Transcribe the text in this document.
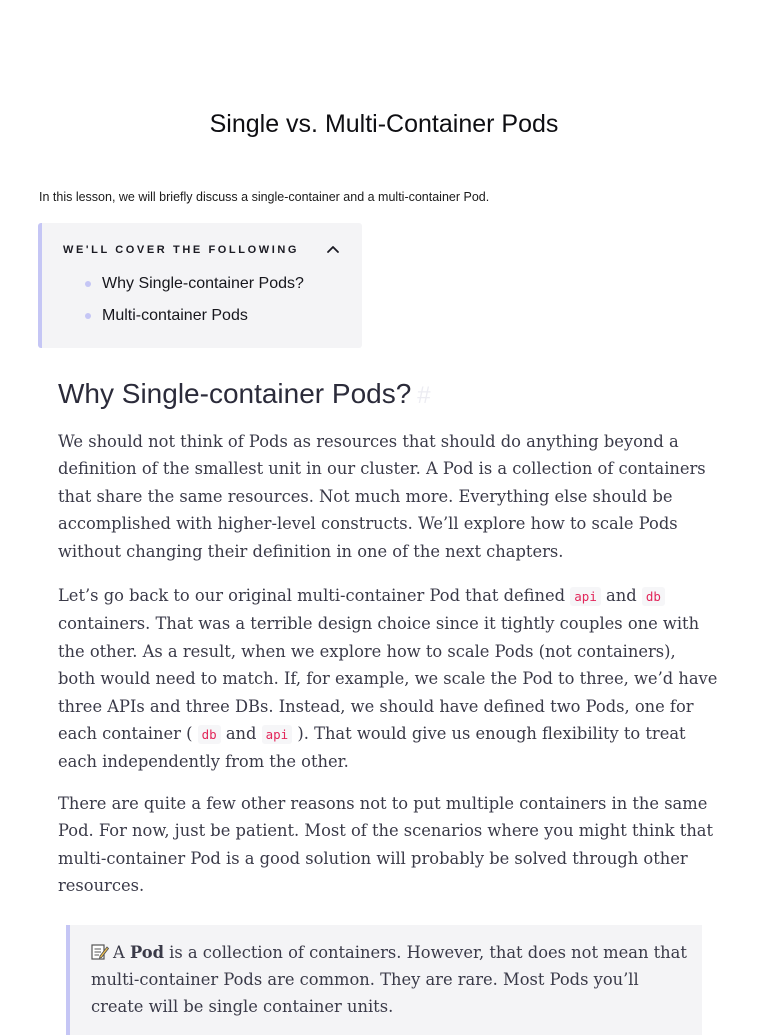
Single vs. Multi-Container Pods

In this lesson, we will briefly discuss a single-container and a multi-container Pod.

WE'LL COVER THE FOLLOWING
Why Single-container Pods?
Multi-container Pods
Why Single-container Pods? #

We should not think of Pods as resources that should do anything beyond a definition of the smallest unit in our cluster. A Pod is a collection of containers that share the same resources. Not much more. Everything else should be accomplished with higher-level constructs. We’ll explore how to scale Pods without changing their definition in one of the next chapters.

Let’s go back to our original multi-container Pod that defined api and db containers. That was a terrible design choice since it tightly couples one with the other. As a result, when we explore how to scale Pods (not containers), both would need to match. If, for example, we scale the Pod to three, we’d have three APIs and three DBs. Instead, we should have defined two Pods, one for each container ( db and api ). That would give us enough flexibility to treat each independently from the other.

There are quite a few other reasons not to put multiple containers in the same Pod. For now, just be patient. Most of the scenarios where you might think that multi-container Pod is a good solution will probably be solved through other resources.

A Pod is a collection of containers. However, that does not mean that multi-container Pods are common. They are rare. Most Pods you’ll create will be single container units.
